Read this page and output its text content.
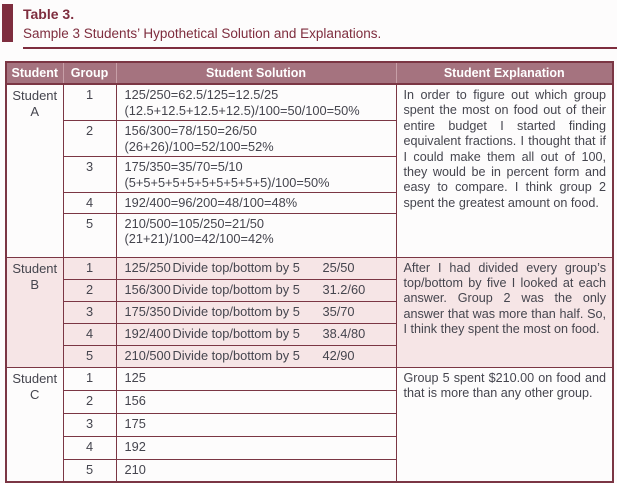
Table 3.
Sample 3 Students’ Hypothetical Solution and Explanations.
Student	Group	Student Solution	Student Explanation

Student
A	1	125/250=62.5/125=12.5/25
(12.5+12.5+12.5+12.5)/100=50/100=50%	In order to figure out which group spent the most on food out of their entire budget I started finding equivalent fractions. I thought that if I could make them all out of 100, they would be in percent form and easy to compare. I think group 2 spent the greatest amount on food.
	2	156/300=78/150=26/50
(26+26)/100=52/100=52%	

	3	175/350=35/70=5/10
(5+5+5+5+5+5+5+5+5+5)/100=50%	

	4	192/400=96/200=48/100=48%	

	5	210/500=105/250=21/50
(21+21)/100=42/100=42%	

Student
B	1	125/250 Divide top/bottom by 5 25/50	After I had divided every group’s top/bottom by five I looked at each answer. Group 2 was the only answer that was more than half. So, I think they spent the most on food.
	2	156/300 Divide top/bottom by 5 31.2/60	
	3	175/350 Divide top/bottom by 5 35/70	
	4	192/400 Divide top/bottom by 5 38.4/80	
	5	210/500 Divide top/bottom by 5 42/90	

Student
C	1	125	Group 5 spent $210.00 on food and that is more than any other group.
	2	156	

	3	175	

	4	192	

	5	210	
